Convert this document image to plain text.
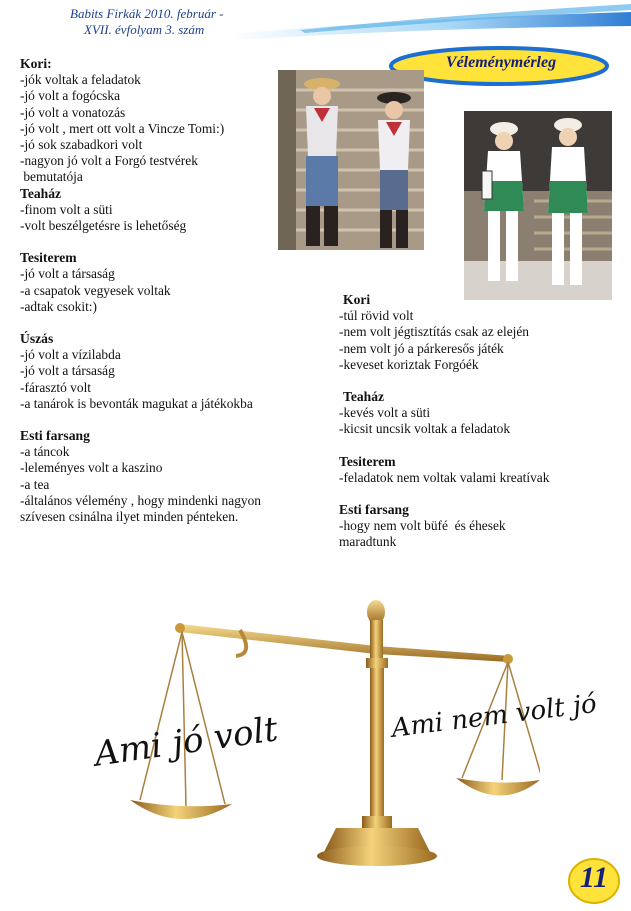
Babits Firkák 2010. február -

XVII. évfolyam 3. szám

Véleménymérleg
Kori:
-jók voltak a feladatok
-jó volt a fogócska
-jó volt a vonatozás
-jó volt , mert ott volt a Vincze Tomi:)
-jó sok szabadkori volt
-nagyon jó volt a Forgó testvérek
bemutatója
Teaház
-finom volt a süti
-volt beszélgetésre is lehetőség
Tesiterem
-jó volt a társaság
-a csapatok vegyesek voltak
-adtak csokit:)
Úszás
-jó volt a vízilabda
-jó volt a társaság
-fárasztó volt
-a tanárok is bevonták magukat a játékokba
Esti farsang
-a táncok
-leleményes volt a kaszino
-a tea
-általános vélemény , hogy mindenki nagyon
szívesen csinálna ilyet minden pénteken.
Kori
-túl rövid volt
-nem volt jégtisztítás csak az elején
-nem volt jó a párkeresős játék
-keveset koriztak Forgóék
Teaház
-kevés volt a süti
-kicsit uncsik voltak a feladatok
Tesiterem
-feladatok nem voltak valami kreatívak
Esti farsang
-hogy nem volt büfé  és éhesek
maradtunk
Ami jó volt	Ami nem volt jó
11
